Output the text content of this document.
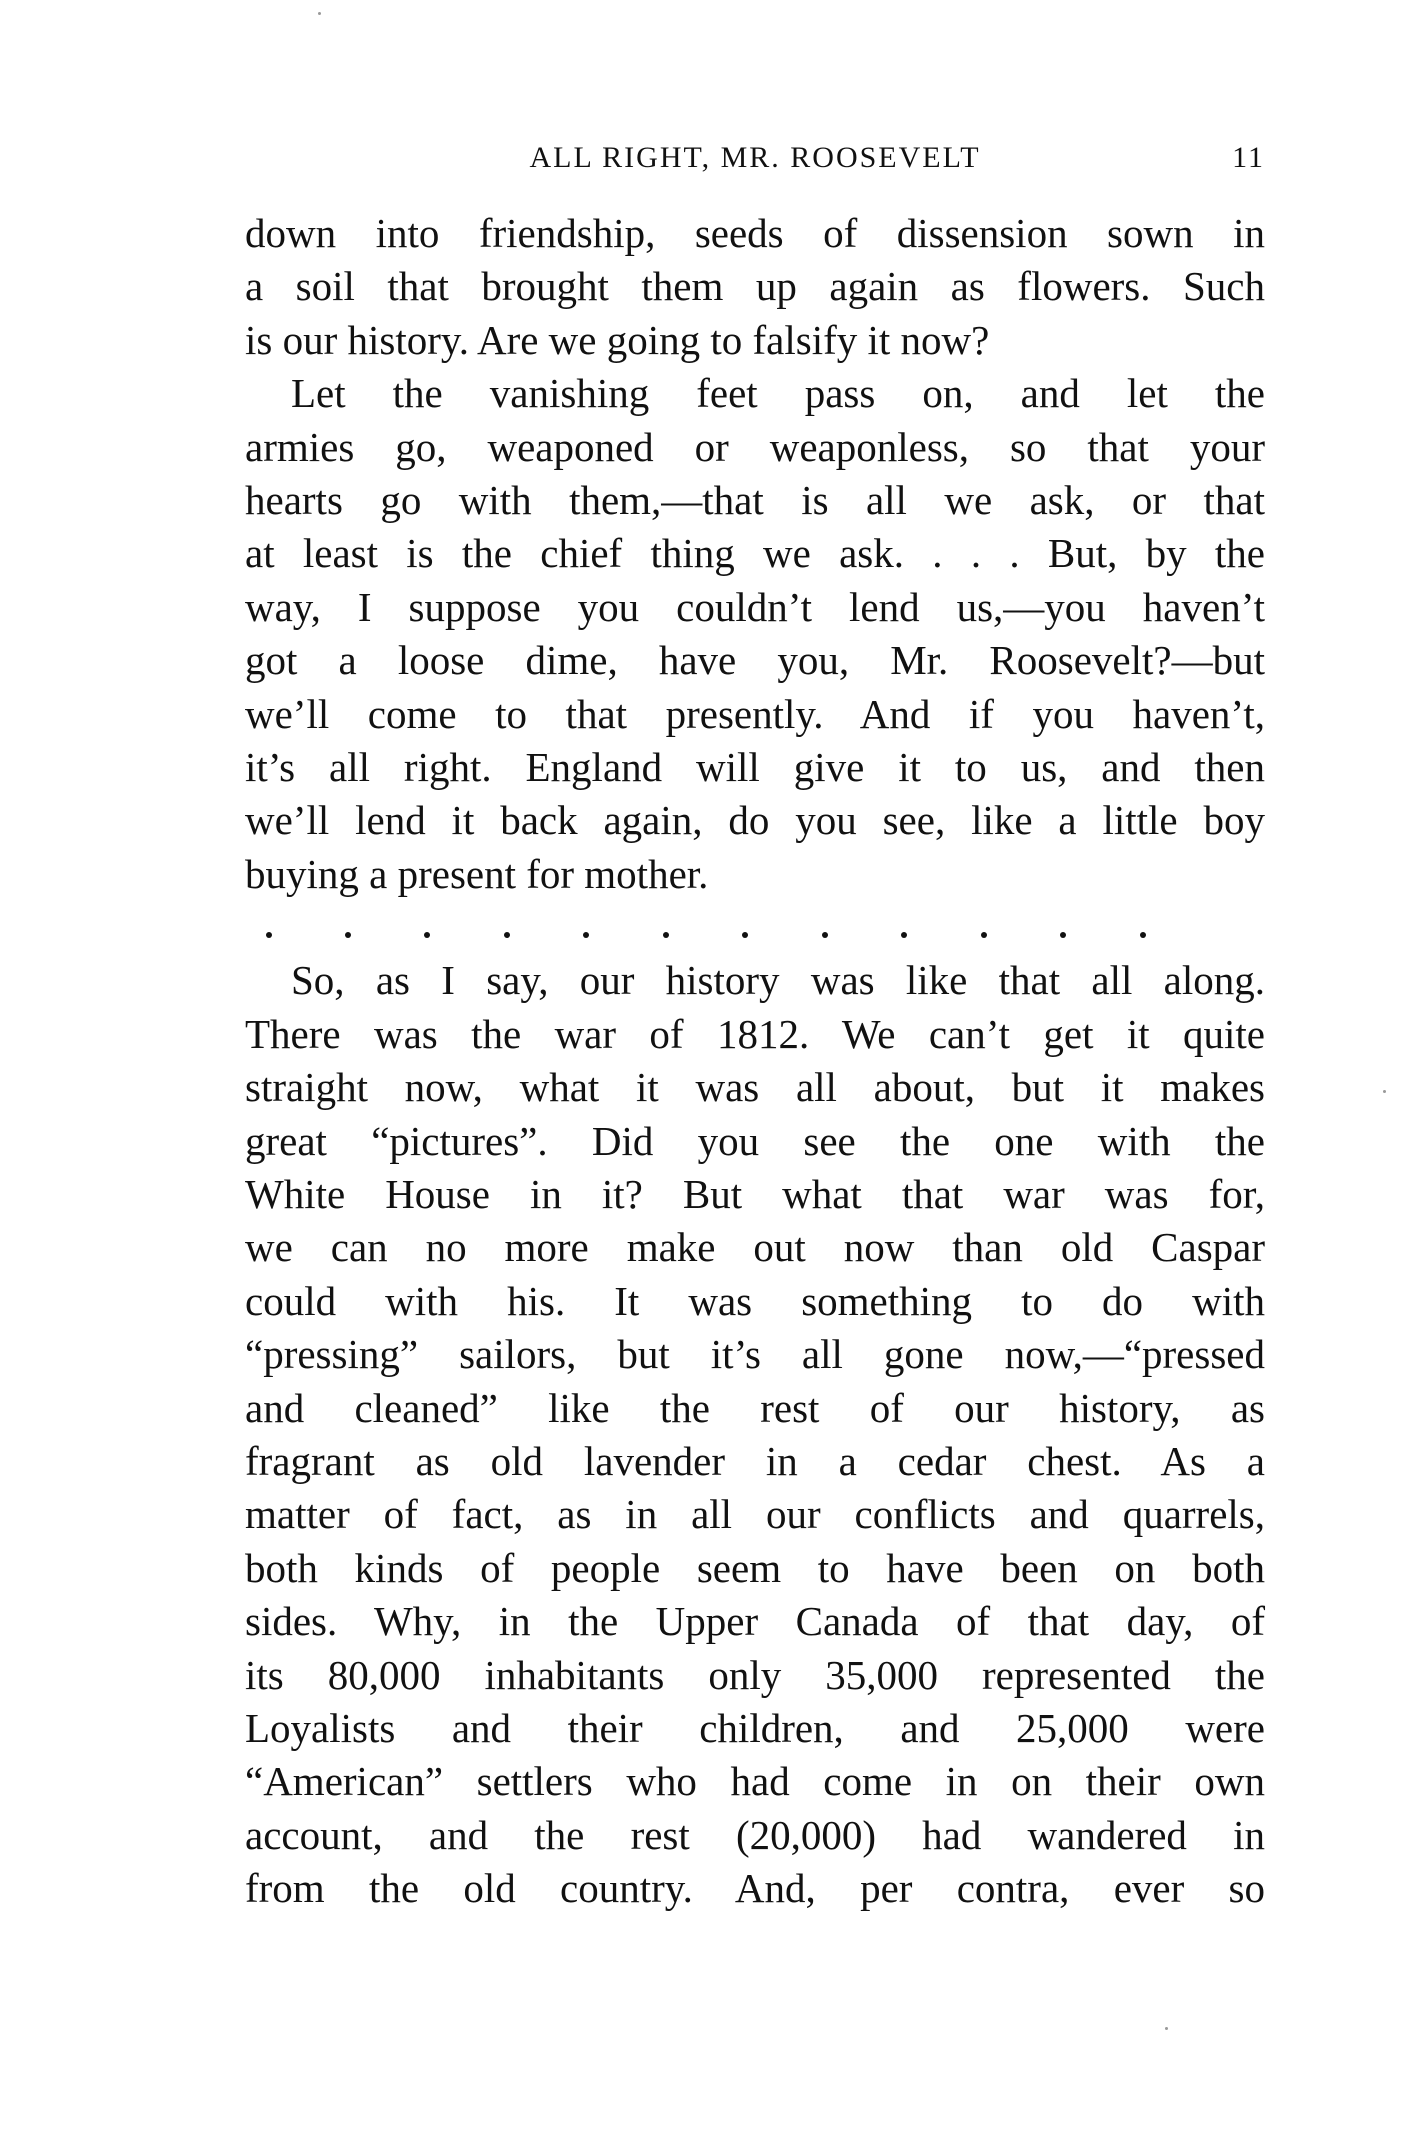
ALL RIGHT, MR. ROOSEVELT	11
down into friendship, seeds of dissension sown in
a soil that brought them up again as flowers. Such
is our history. Are we going to falsify it now?
Let the vanishing feet pass on, and let the
armies go, weaponed or weaponless, so that your
hearts go with them,—that is all we ask, or that
at least is the chief thing we ask. . . . But, by the
way, I suppose you couldn’t lend us,—you haven’t
got a loose dime, have you, Mr. Roosevelt?—but
we’ll come to that presently. And if you haven’t,
it’s all right. England will give it to us, and then
we’ll lend it back again, do you see, like a little boy
buying a present for mother.
So, as I say, our history was like that all along.
There was the war of 1812. We can’t get it quite
straight now, what it was all about, but it makes
great “pictures”. Did you see the one with the
White House in it? But what that war was for,
we can no more make out now than old Caspar
could with his. It was something to do with
“pressing” sailors, but it’s all gone now,—“pressed
and cleaned” like the rest of our history, as
fragrant as old lavender in a cedar chest. As a
matter of fact, as in all our conflicts and quarrels,
both kinds of people seem to have been on both
sides. Why, in the Upper Canada of that day, of
its 80,000 inhabitants only 35,000 represented the
Loyalists and their children, and 25,000 were
“American” settlers who had come in on their own
account, and the rest (20,000) had wandered in
from the old country. And, per contra, ever so
